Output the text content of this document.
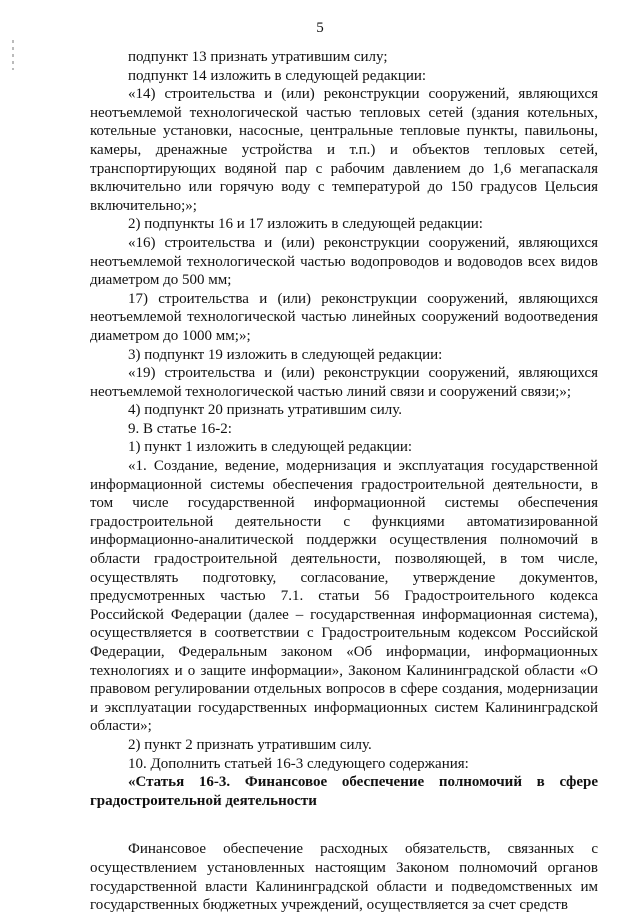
5

подпункт 13 признать утратившим силу;

подпункт 14 изложить в следующей редакции:

«14) строительства и (или) реконструкции сооружений, являющихся неотъемлемой технологической частью тепловых сетей (здания котельных, котельные установки, насосные, центральные тепловые пункты, павильоны, камеры, дренажные устройства и т.п.) и объектов тепловых сетей, транспортирующих водяной пар с рабочим давлением до 1,6 мегапаскаля включительно или горячую воду с температурой до 150 градусов Цельсия включительно;»;

2) подпункты 16 и 17 изложить в следующей редакции:

«16) строительства и (или) реконструкции сооружений, являющихся неотъемлемой технологической частью водопроводов и водоводов всех видов диаметром до 500 мм;

17) строительства и (или) реконструкции сооружений, являющихся неотъемлемой технологической частью линейных сооружений водоотведения диаметром до 1000 мм;»;

3) подпункт 19 изложить в следующей редакции:

«19) строительства и (или) реконструкции сооружений, являющихся неотъемлемой технологической частью линий связи и сооружений связи;»;

4) подпункт 20 признать утратившим силу.

9. В статье 16-2:

1) пункт 1 изложить в следующей редакции:

«1. Создание, ведение, модернизация и эксплуатация государственной информационной системы обеспечения градостроительной деятельности, в том числе государственной информационной системы обеспечения градостроительной деятельности с функциями автоматизированной информационно-аналитической поддержки осуществления полномочий в области градостроительной деятельности, позволяющей, в том числе, осуществлять подготовку, согласование, утверждение документов, предусмотренных частью 7.1. статьи 56 Градостроительного кодекса Российской Федерации (далее – государственная информационная система), осуществляется в соответствии с Градостроительным кодексом Российской Федерации, Федеральным законом «Об информации, информационных технологиях и о защите информации», Законом Калининградской области «О правовом регулировании отдельных вопросов в сфере создания, модернизации и эксплуатации государственных информационных систем Калининградской области»;

2) пункт 2 признать утратившим силу.

10. Дополнить статьей 16-3 следующего содержания:

«Статья 16-3. Финансовое обеспечение полномочий в сфере градостроительной деятельности

Финансовое обеспечение расходных обязательств, связанных с осуществлением установленных настоящим Законом полномочий органов государственной власти Калининградской области и подведомственных им государственных бюджетных учреждений, осуществляется за счет средств
